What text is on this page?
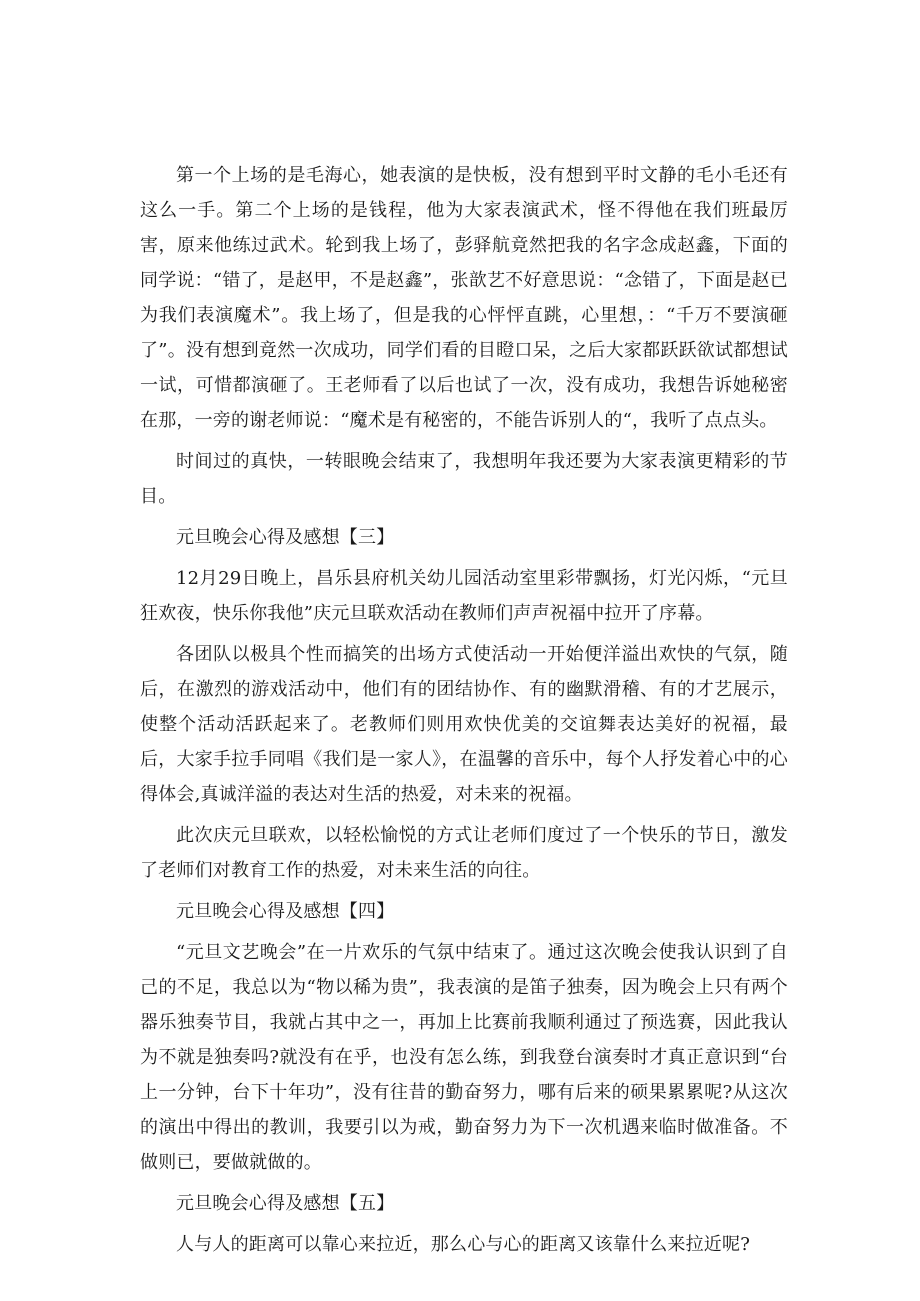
第一个上场的是毛海心，她表演的是快板，没有想到平时文静的毛小毛还有这么一手。第二个上场的是钱程，他为大家表演武术，怪不得他在我们班最厉害，原来他练过武术。轮到我上场了，彭驿航竟然把我的名字念成赵鑫，下面的同学说：“错了，是赵甲，不是赵鑫”，张歆艺不好意思说：“念错了，下面是赵已为我们表演魔术”。我上场了，但是我的心怦怦直跳，心里想，：“千万不要演砸了”。没有想到竟然一次成功，同学们看的目瞪口呆，之后大家都跃跃欲试都想试一试，可惜都演砸了。王老师看了以后也试了一次，没有成功，我想告诉她秘密在那，一旁的谢老师说：“魔术是有秘密的，不能告诉别人的“，我听了点点头。

时间过的真快，一转眼晚会结束了，我想明年我还要为大家表演更精彩的节目。

元旦晚会心得及感想【三】

12月29日晚上，昌乐县府机关幼儿园活动室里彩带飘扬，灯光闪烁，“元旦狂欢夜，快乐你我他”庆元旦联欢活动在教师们声声祝福中拉开了序幕。

各团队以极具个性而搞笑的出场方式使活动一开始便洋溢出欢快的气氛，随后，在激烈的游戏活动中，他们有的团结协作、有的幽默滑稽、有的才艺展示，使整个活动活跃起来了。老教师们则用欢快优美的交谊舞表达美好的祝福，最后，大家手拉手同唱《我们是一家人》，在温馨的音乐中，每个人抒发着心中的心得体会,真诚洋溢的表达对生活的热爱，对未来的祝福。

此次庆元旦联欢，以轻松愉悦的方式让老师们度过了一个快乐的节日，激发了老师们对教育工作的热爱，对未来生活的向往。

元旦晚会心得及感想【四】

“元旦文艺晚会”在一片欢乐的气氛中结束了。通过这次晚会使我认识到了自己的不足，我总以为“物以稀为贵”，我表演的是笛子独奏，因为晚会上只有两个器乐独奏节目，我就占其中之一，再加上比赛前我顺利通过了预选赛，因此我认为不就是独奏吗?就没有在乎，也没有怎么练，到我登台演奏时才真正意识到“台上一分钟，台下十年功”，没有往昔的勤奋努力，哪有后来的硕果累累呢?从这次的演出中得出的教训，我要引以为戒，勤奋努力为下一次机遇来临时做准备。不做则已，要做就做的。

元旦晚会心得及感想【五】

人与人的距离可以靠心来拉近，那么心与心的距离又该靠什么来拉近呢?
